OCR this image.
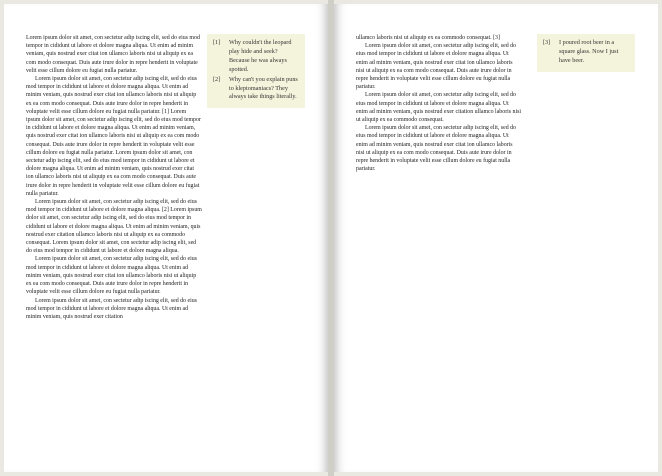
Lorem ipsum dolor sit amet, con sectetur adip iscing elit, sed do eius mod tempor in cididunt ut labore et dolore magna aliqua. Ut enim ad minim veniam, quis nostrud exer citat ion ullamco laboris nisi ut aliquip ex ea com modo consequat. Duis aute irure dolor in repre henderit in voluptate velit esse cillum dolore eu fugiat nulla pariatur.

Lorem ipsum dolor sit amet, con sectetur adip iscing elit, sed do eius mod tempor in cididunt ut labore et dolore magna aliqua. Ut enim ad minim veniam, quis nostrud exer citat ion ullamco laboris nisi ut aliquip ex ea com modo consequat. Duis aute irure dolor in repre henderit in voluptate velit esse cillum dolore eu fugiat nulla pariatur. [1] Lorem ipsum dolor sit amet, con sectetur adip iscing elit, sed do eius mod tempor in cididunt ut labore et dolore magna aliqua. Ut enim ad minim veniam, quis nostrud exer citat ion ullamco laboris nisi ut aliquip ex ea com modo consequat. Duis aute irure dolor in repre henderit in voluptate velit esse cillum dolore eu fugiat nulla pariatur. Lorem ipsum dolor sit amet, con sectetur adip iscing elit, sed do eius mod tempor in cididunt ut labore et dolore magna aliqua. Ut enim ad minim veniam, quis nostrud exer citat ion ullamco laboris nisi ut aliquip ex ea com modo consequat. Duis aute irure dolor in repre henderit in voluptate velit esse cillum dolore eu fugiat nulla pariatur.

Lorem ipsum dolor sit amet, con sectetur adip iscing elit, sed do eius mod tempor in cididunt ut labore et dolore magna aliqua. [2] Lorem ipsum dolor sit amet, con sectetur adip iscing elit, sed do eius mod tempor in cididunt ut labore et dolore magna aliqua. Ut enim ad minim veniam, quis nostrud exer citation ullamco laboris nisi ut aliquip ex ea commodo consequat. Lorem ipsum dolor sit amet, con sectetur adip iscing elit, sed do eius mod tempor in cididunt ut labore et dolore magna aliqua.

Lorem ipsum dolor sit amet, con sectetur adip iscing elit, sed do eius mod tempor in cididunt ut labore et dolore magna aliqua. Ut enim ad minim veniam, quis nostrud exer citat ion ullamco laboris nisi ut aliquip ex ea com modo consequat. Duis aute irure dolor in repre henderit in voluptate velit esse cillum dolore eu fugiat nulla pariatur.

Lorem ipsum dolor sit amet, con sectetur adip iscing elit, sed do eius mod tempor in cididunt ut labore et dolore magna aliqua. Ut enim ad minim veniam, quis nostrud exer citation

[1]	Why couldn't the leopard play hide and seek? Because he was always spotted.
[2]	Why can't you explain puns to kleptomaniacs? They always take things literally.

ullamco laboris nisi ut aliquip ex ea commodo consequat. [3]

Lorem ipsum dolor sit amet, con sectetur adip iscing elit, sed do eius mod tempor in cididunt ut labore et dolore magna aliqua. Ut enim ad minim veniam, quis nostrud exer citat ion ullamco laboris nisi ut aliquip ex ea com modo consequat. Duis aute irure dolor in repre henderit in voluptate velit esse cillum dolore eu fugiat nulla pariatur.

Lorem ipsum dolor sit amet, con sectetur adip iscing elit, sed do eius mod tempor in cididunt ut labore et dolore magna aliqua. Ut enim ad minim veniam, quis nostrud exer citation ullamco laboris nisi ut aliquip ex ea commodo consequat.

Lorem ipsum dolor sit amet, con sectetur adip iscing elit, sed do eius mod tempor in cididunt ut labore et dolore magna aliqua. Ut enim ad minim veniam, quis nostrud exer citat ion ullamco laboris nisi ut aliquip ex ea com modo consequat. Duis aute irure dolor in repre henderit in voluptate velit esse cillum dolore eu fugiat nulla pariatur.

[3]	I poured root beer in a square glass. Now I just have beer.
